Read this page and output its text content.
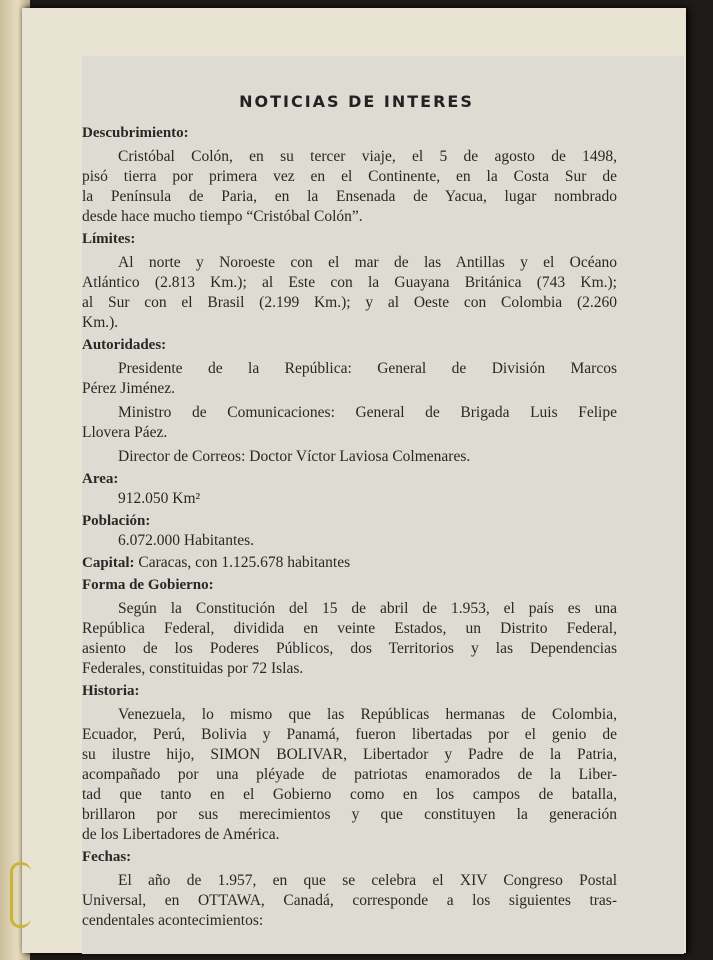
NOTICIAS DE INTERES
Descubrimiento:
Cristóbal Colón, en su tercer viaje, el 5 de agosto de 1498,
pisó tierra por primera vez en el Continente, en la Costa Sur de
la Península de Paria, en la Ensenada de Yacua, lugar nombrado
desde hace mucho tiempo “Cristóbal Colón”.
Límites:
Al norte y Noroeste con el mar de las Antillas y el Océano
Atlántico (2.813 Km.); al Este con la Guayana Británica (743 Km.);
al Sur con el Brasil (2.199 Km.); y al Oeste con Colombia (2.260
Km.).
Autoridades:
Presidente de la República: General de División Marcos
Pérez Jiménez.
Ministro de Comunicaciones: General de Brigada Luis Felipe
Llovera Páez.
Director de Correos: Doctor Víctor Laviosa Colmenares.
Area:
912.050 Km²
Población:
6.072.000 Habitantes.
Capital: Caracas, con 1.125.678 habitantes
Forma de Gobierno:
Según la Constitución del 15 de abril de 1.953, el país es una
República Federal, dividida en veinte Estados, un Distrito Federal,
asiento de los Poderes Públicos, dos Territorios y las Dependencias
Federales, constituidas por 72 Islas.
Historia:
Venezuela, lo mismo que las Repúblicas hermanas de Colombia,
Ecuador, Perú, Bolivia y Panamá, fueron libertadas por el genio de
su ilustre hijo, SIMON BOLIVAR, Libertador y Padre de la Patria,
acompañado por una pléyade de patriotas enamorados de la Liber-
tad que tanto en el Gobierno como en los campos de batalla,
brillaron por sus merecimientos y que constituyen la generación
de los Libertadores de América.
Fechas:
El año de 1.957, en que se celebra el XIV Congreso Postal
Universal, en OTTAWA, Canadá, corresponde a los siguientes tras-
cendentales acontecimientos:
